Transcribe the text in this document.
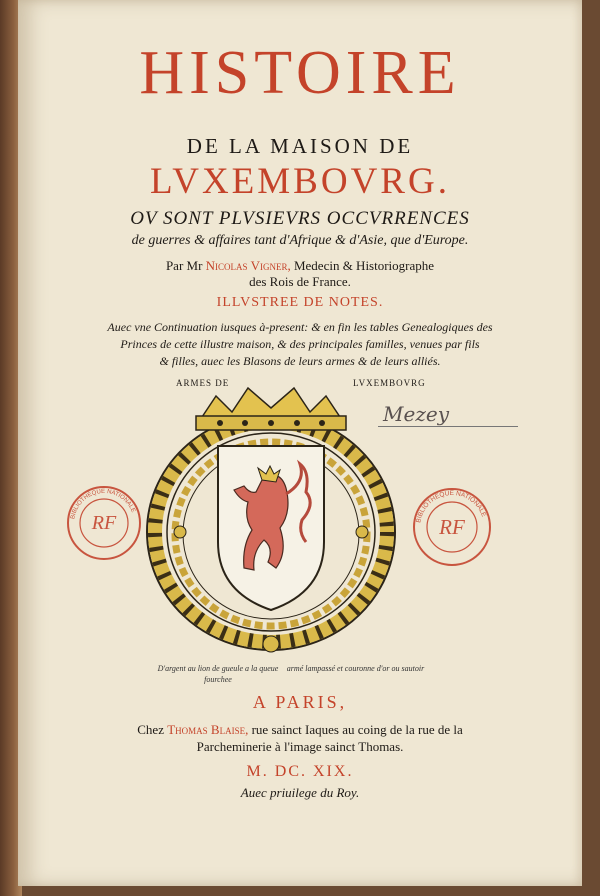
HISTOIRE
DE LA MAISON DE
LVXEMBOVRG.
OV SONT PLVSIEVRS OCCVRRENCES
de guerres & affaires tant d'Afrique & d'Asie, que d'Europe.
Par Mr Nicolas Vigner, Medecin & Historiographe
des Rois de France.
ILLVSTREE DE NOTES.
Auec vne Continuation iusques à-present: & en fin les tables Genealogiques des
Princes de cette illustre maison, & des principales familles, venues par fils
& filles, auec les Blasons de leurs armes & de leurs alliés.
ARMES DE	LVXEMBOVRG
Mezey
RF
BIBLIOTHÈQUE NATIONALE
RF
BIBLIOTHÈQUE NATIONALE
D'argent au lion de gueule a la queue fourchee
armé lampassé et couronne d'or ou sautoir
A PARIS,
Chez Thomas Blaise, rue sainct Iaques au coing de la rue de la
Parcheminerie à l'image sainct Thomas.
M. DC. XIX.
Auec priuilege du Roy.
